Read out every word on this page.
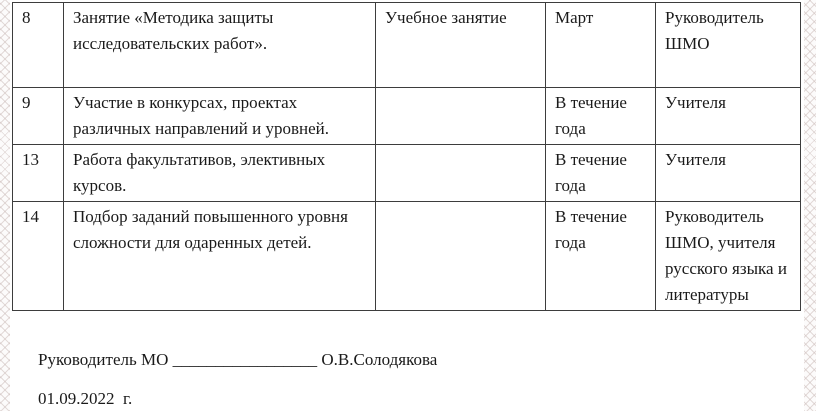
8	Занятие «Методика защиты исследовательских работ».	Учебное занятие	Март	Руководитель ШМО
9	Участие в конкурсах, проектах различных направлений и уровней.		В течение года	Учителя
13	Работа факультативов, элективных курсов.		В течение года	Учителя
14	Подбор заданий повышенного уровня сложности для одаренных детей.		В течение года	Руководитель ШМО, учителя русского языка и литературы
Руководитель МО _________________ О.В.Солодякова
01.09.2022  г.
